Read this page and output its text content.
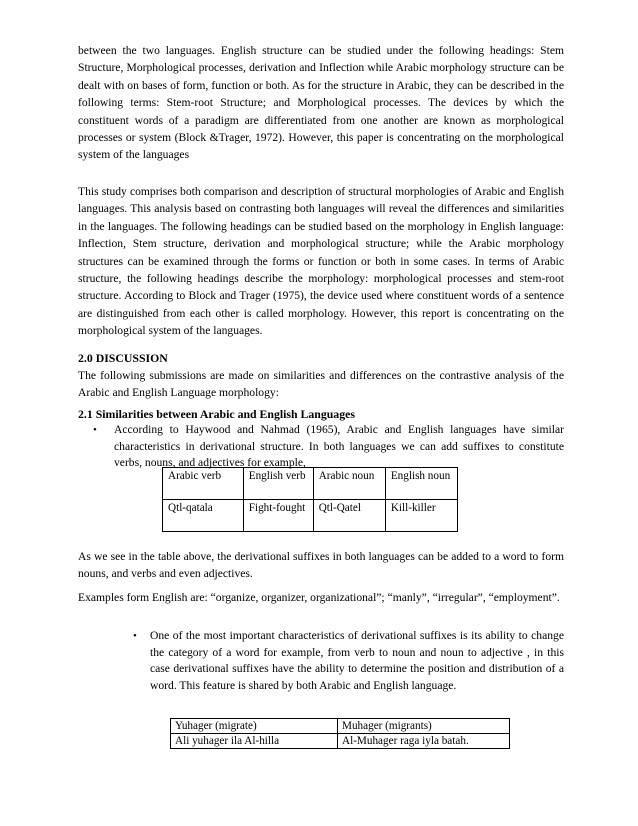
between the two languages. English structure can be studied under the following headings: Stem Structure, Morphological processes, derivation and Inflection while Arabic morphology structure can be dealt with on bases of form, function or both. As for the structure in Arabic, they can be described in the following terms: Stem-root Structure; and Morphological processes. The devices by which the constituent words of a paradigm are differentiated from one another are known as morphological processes or system (Block &Trager, 1972). However, this paper is concentrating on the morphological system of the languages

This study comprises both comparison and description of structural morphologies of Arabic and English languages. This analysis based on contrasting both languages will reveal the differences and similarities in the languages. The following headings can be studied based on the morphology in English language: Inflection, Stem structure, derivation and morphological structure; while the Arabic morphology structures can be examined through the forms or function or both in some cases. In terms of Arabic structure, the following headings describe the morphology: morphological processes and stem-root structure. According to Block and Trager (1975), the device used where constituent words of a sentence are distinguished from each other is called morphology. However, this report is concentrating on the morphological system of the languages.

2.0 DISCUSSION

The following submissions are made on similarities and differences on the contrastive analysis of the Arabic and English Language morphology:

2.1 Similarities between Arabic and English Languages
• According to Haywood and Nahmad (1965), Arabic and English languages have similar characteristics in derivational structure. In both languages we can add suffixes to constitute verbs, nouns, and adjectives for example,

Arabic verb	English verb	Arabic noun	English noun
Qtl-qatala	Fight-fought	Qtl-Qatel	Kill-killer

As we see in the table above, the derivational suffixes in both languages can be added to a word to form nouns, and verbs and even adjectives.

Examples form English are: “organize, organizer, organizational”; “manly”, “irregular”, “employment”.

• One of the most important characteristics of derivational suffixes is its ability to change the category of a word for example, from verb to noun and noun to adjective , in this case derivational suffixes have the ability to determine the position and distribution of a word. This feature is shared by both Arabic and English language.

Yuhager (migrate)	Muhager (migrants)
Ali yuhager ila Al-hilla	Al-Muhager raga iyla batah.
